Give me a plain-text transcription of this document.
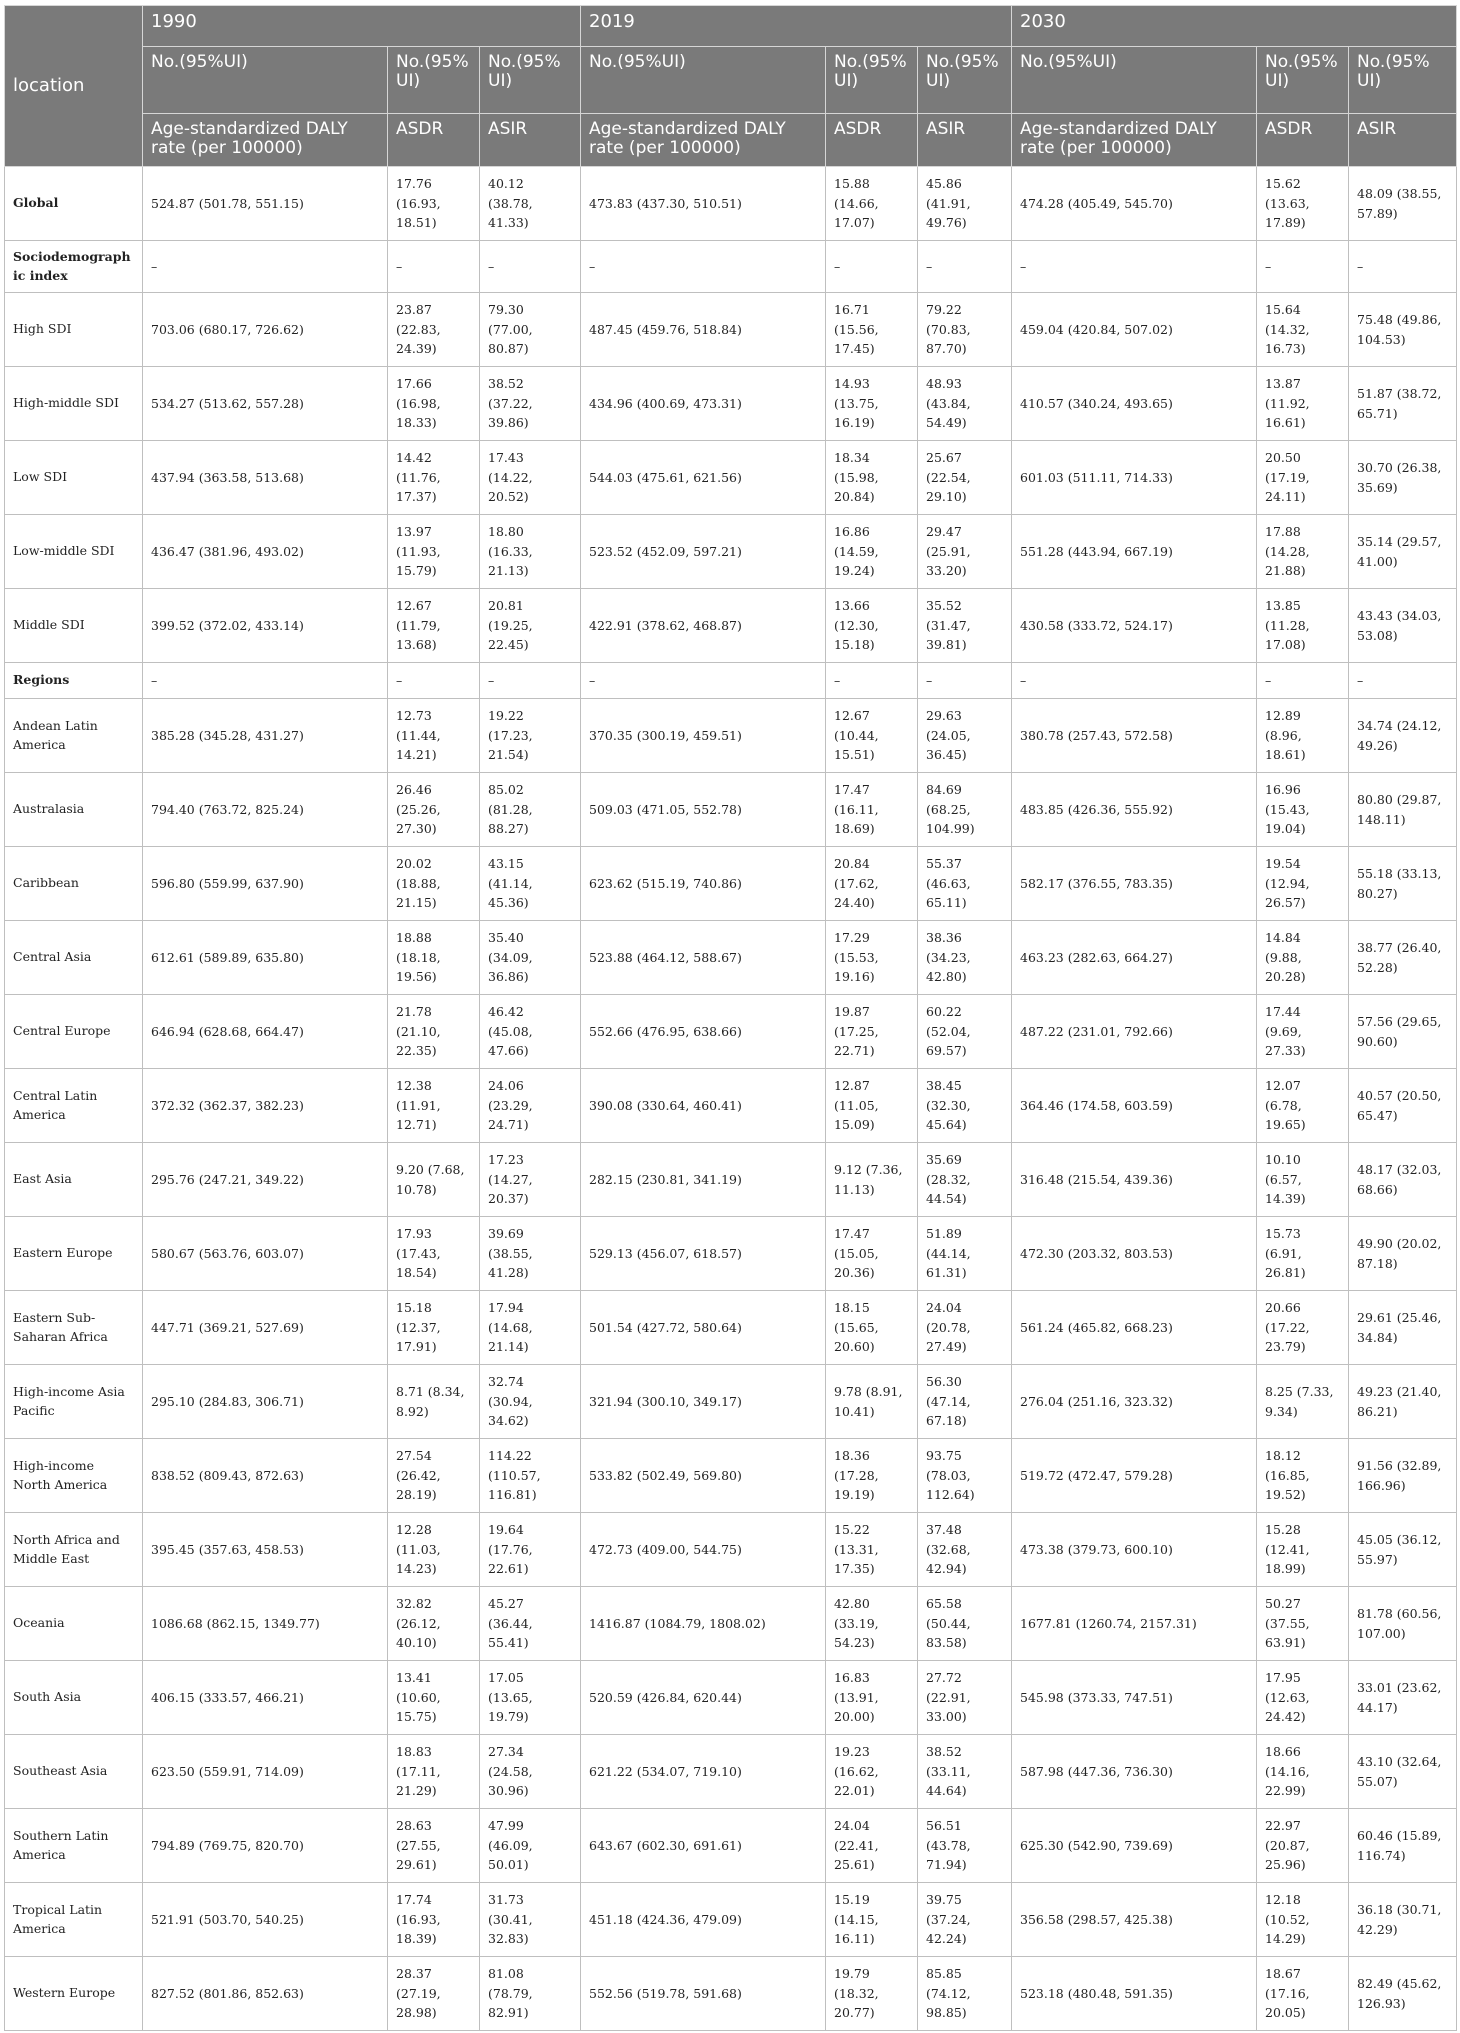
location	1990			2019			2030		
	No.(95%UI)	No.(95% UI)	No.(95% UI)	No.(95%UI)	No.(95% UI)	No.(95% UI)	No.(95%UI)	No.(95% UI)	No.(95% UI)
	Age-standardized DALY rate (per 100000)	ASDR	ASIR	Age-standardized DALY rate (per 100000)	ASDR	ASIR	Age-standardized DALY rate (per 100000)	ASDR	ASIR
Global	524.87 (501.78, 551.15)	17.76 (16.93, 18.51)	40.12 (38.78, 41.33)	473.83 (437.30, 510.51)	15.88 (14.66, 17.07)	45.86 (41.91, 49.76)	474.28 (405.49, 545.70)	15.62 (13.63, 17.89)	48.09 (38.55, 57.89)
Sociodemographic index	–	–	–	–	–	–	–	–	–
High SDI	703.06 (680.17, 726.62)	23.87 (22.83, 24.39)	79.30 (77.00, 80.87)	487.45 (459.76, 518.84)	16.71 (15.56, 17.45)	79.22 (70.83, 87.70)	459.04 (420.84, 507.02)	15.64 (14.32, 16.73)	75.48 (49.86, 104.53)
High-middle SDI	534.27 (513.62, 557.28)	17.66 (16.98, 18.33)	38.52 (37.22, 39.86)	434.96 (400.69, 473.31)	14.93 (13.75, 16.19)	48.93 (43.84, 54.49)	410.57 (340.24, 493.65)	13.87 (11.92, 16.61)	51.87 (38.72, 65.71)
Low SDI	437.94 (363.58, 513.68)	14.42 (11.76, 17.37)	17.43 (14.22, 20.52)	544.03 (475.61, 621.56)	18.34 (15.98, 20.84)	25.67 (22.54, 29.10)	601.03 (511.11, 714.33)	20.50 (17.19, 24.11)	30.70 (26.38, 35.69)
Low-middle SDI	436.47 (381.96, 493.02)	13.97 (11.93, 15.79)	18.80 (16.33, 21.13)	523.52 (452.09, 597.21)	16.86 (14.59, 19.24)	29.47 (25.91, 33.20)	551.28 (443.94, 667.19)	17.88 (14.28, 21.88)	35.14 (29.57, 41.00)
Middle SDI	399.52 (372.02, 433.14)	12.67 (11.79, 13.68)	20.81 (19.25, 22.45)	422.91 (378.62, 468.87)	13.66 (12.30, 15.18)	35.52 (31.47, 39.81)	430.58 (333.72, 524.17)	13.85 (11.28, 17.08)	43.43 (34.03, 53.08)
Regions	–	–	–	–	–	–	–	–	–
Andean Latin America	385.28 (345.28, 431.27)	12.73 (11.44, 14.21)	19.22 (17.23, 21.54)	370.35 (300.19, 459.51)	12.67 (10.44, 15.51)	29.63 (24.05, 36.45)	380.78 (257.43, 572.58)	12.89 (8.96, 18.61)	34.74 (24.12, 49.26)
Australasia	794.40 (763.72, 825.24)	26.46 (25.26, 27.30)	85.02 (81.28, 88.27)	509.03 (471.05, 552.78)	17.47 (16.11, 18.69)	84.69 (68.25, 104.99)	483.85 (426.36, 555.92)	16.96 (15.43, 19.04)	80.80 (29.87, 148.11)
Caribbean	596.80 (559.99, 637.90)	20.02 (18.88, 21.15)	43.15 (41.14, 45.36)	623.62 (515.19, 740.86)	20.84 (17.62, 24.40)	55.37 (46.63, 65.11)	582.17 (376.55, 783.35)	19.54 (12.94, 26.57)	55.18 (33.13, 80.27)
Central Asia	612.61 (589.89, 635.80)	18.88 (18.18, 19.56)	35.40 (34.09, 36.86)	523.88 (464.12, 588.67)	17.29 (15.53, 19.16)	38.36 (34.23, 42.80)	463.23 (282.63, 664.27)	14.84 (9.88, 20.28)	38.77 (26.40, 52.28)
Central Europe	646.94 (628.68, 664.47)	21.78 (21.10, 22.35)	46.42 (45.08, 47.66)	552.66 (476.95, 638.66)	19.87 (17.25, 22.71)	60.22 (52.04, 69.57)	487.22 (231.01, 792.66)	17.44 (9.69, 27.33)	57.56 (29.65, 90.60)
Central Latin America	372.32 (362.37, 382.23)	12.38 (11.91, 12.71)	24.06 (23.29, 24.71)	390.08 (330.64, 460.41)	12.87 (11.05, 15.09)	38.45 (32.30, 45.64)	364.46 (174.58, 603.59)	12.07 (6.78, 19.65)	40.57 (20.50, 65.47)
East Asia	295.76 (247.21, 349.22)	9.20 (7.68, 10.78)	17.23 (14.27, 20.37)	282.15 (230.81, 341.19)	9.12 (7.36, 11.13)	35.69 (28.32, 44.54)	316.48 (215.54, 439.36)	10.10 (6.57, 14.39)	48.17 (32.03, 68.66)
Eastern Europe	580.67 (563.76, 603.07)	17.93 (17.43, 18.54)	39.69 (38.55, 41.28)	529.13 (456.07, 618.57)	17.47 (15.05, 20.36)	51.89 (44.14, 61.31)	472.30 (203.32, 803.53)	15.73 (6.91, 26.81)	49.90 (20.02, 87.18)
Eastern Sub-Saharan Africa	447.71 (369.21, 527.69)	15.18 (12.37, 17.91)	17.94 (14.68, 21.14)	501.54 (427.72, 580.64)	18.15 (15.65, 20.60)	24.04 (20.78, 27.49)	561.24 (465.82, 668.23)	20.66 (17.22, 23.79)	29.61 (25.46, 34.84)
High-income Asia Pacific	295.10 (284.83, 306.71)	8.71 (8.34, 8.92)	32.74 (30.94, 34.62)	321.94 (300.10, 349.17)	9.78 (8.91, 10.41)	56.30 (47.14, 67.18)	276.04 (251.16, 323.32)	8.25 (7.33, 9.34)	49.23 (21.40, 86.21)
High-income North America	838.52 (809.43, 872.63)	27.54 (26.42, 28.19)	114.22 (110.57, 116.81)	533.82 (502.49, 569.80)	18.36 (17.28, 19.19)	93.75 (78.03, 112.64)	519.72 (472.47, 579.28)	18.12 (16.85, 19.52)	91.56 (32.89, 166.96)
North Africa and Middle East	395.45 (357.63, 458.53)	12.28 (11.03, 14.23)	19.64 (17.76, 22.61)	472.73 (409.00, 544.75)	15.22 (13.31, 17.35)	37.48 (32.68, 42.94)	473.38 (379.73, 600.10)	15.28 (12.41, 18.99)	45.05 (36.12, 55.97)
Oceania	1086.68 (862.15, 1349.77)	32.82 (26.12, 40.10)	45.27 (36.44, 55.41)	1416.87 (1084.79, 1808.02)	42.80 (33.19, 54.23)	65.58 (50.44, 83.58)	1677.81 (1260.74, 2157.31)	50.27 (37.55, 63.91)	81.78 (60.56, 107.00)
South Asia	406.15 (333.57, 466.21)	13.41 (10.60, 15.75)	17.05 (13.65, 19.79)	520.59 (426.84, 620.44)	16.83 (13.91, 20.00)	27.72 (22.91, 33.00)	545.98 (373.33, 747.51)	17.95 (12.63, 24.42)	33.01 (23.62, 44.17)
Southeast Asia	623.50 (559.91, 714.09)	18.83 (17.11, 21.29)	27.34 (24.58, 30.96)	621.22 (534.07, 719.10)	19.23 (16.62, 22.01)	38.52 (33.11, 44.64)	587.98 (447.36, 736.30)	18.66 (14.16, 22.99)	43.10 (32.64, 55.07)
Southern Latin America	794.89 (769.75, 820.70)	28.63 (27.55, 29.61)	47.99 (46.09, 50.01)	643.67 (602.30, 691.61)	24.04 (22.41, 25.61)	56.51 (43.78, 71.94)	625.30 (542.90, 739.69)	22.97 (20.87, 25.96)	60.46 (15.89, 116.74)
Tropical Latin America	521.91 (503.70, 540.25)	17.74 (16.93, 18.39)	31.73 (30.41, 32.83)	451.18 (424.36, 479.09)	15.19 (14.15, 16.11)	39.75 (37.24, 42.24)	356.58 (298.57, 425.38)	12.18 (10.52, 14.29)	36.18 (30.71, 42.29)
Western Europe	827.52 (801.86, 852.63)	28.37 (27.19, 28.98)	81.08 (78.79, 82.91)	552.56 (519.78, 591.68)	19.79 (18.32, 20.77)	85.85 (74.12, 98.85)	523.18 (480.48, 591.35)	18.67 (17.16, 20.05)	82.49 (45.62, 126.93)
